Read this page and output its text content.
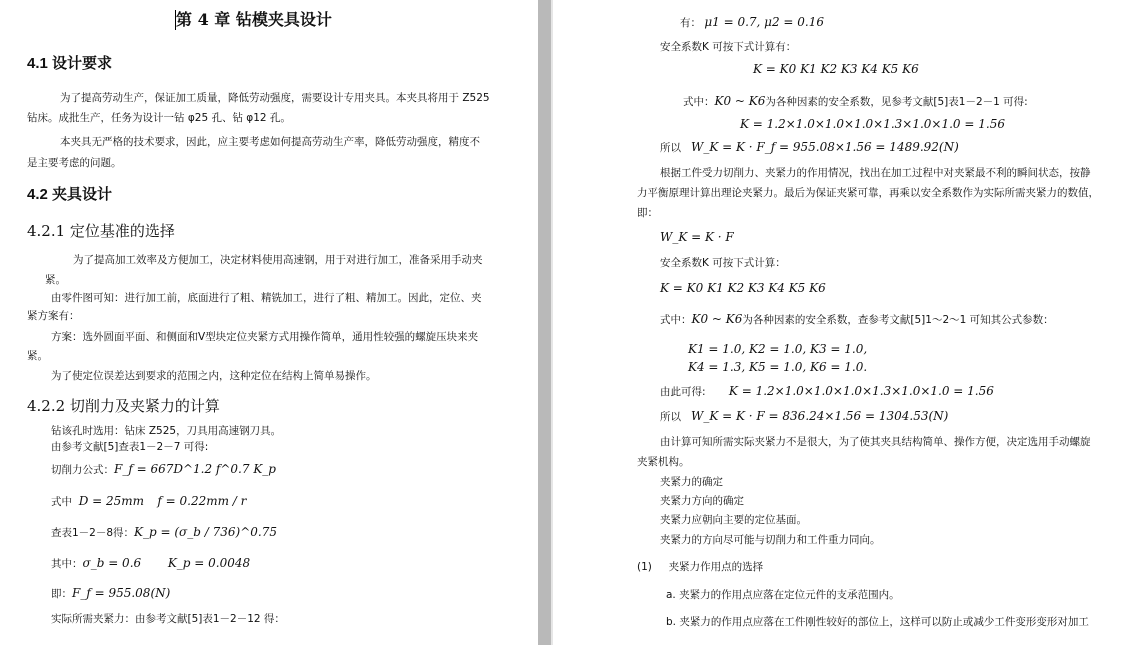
第 4 章 钻模夹具设计
4.1 设计要求
为了提高劳动生产，保证加工质量，降低劳动强度，需要设计专用夹具。本夹具将用于 Z525
钻床。成批生产，任务为设计一钻 φ25 孔、钻 φ12 孔。
本夹具无严格的技术要求，因此，应主要考虑如何提高劳动生产率，降低劳动强度，精度不
是主要考虑的问题。
4.2 夹具设计
4.2.1 定位基准的选择
为了提高加工效率及方便加工，决定材料使用高速钢，用于对进行加工，准备采用手动夹
紧。
由零件图可知：进行加工前，底面进行了粗、精铣加工，进行了粗、精加工。因此，定位、夹
紧方案有：
方案：选外圆面平面、和侧面和V型块定位夹紧方式用操作简单，通用性较强的螺旋压块来夹
紧。
为了使定位误差达到要求的范围之内，这种定位在结构上简单易操作。
4.2.2 切削力及夹紧力的计算
钻该孔时选用：钻床 Z525，刀具用高速钢刀具。
由参考文献[5]查表1－2－7 可得:
切削力公式：F_f = 667D^1.2 f^0.7 K_p
式中 D = 25mm f = 0.22mm / r
查表1－2－8得：K_p = (σ_b / 736)^0.75
其中：σ_b = 0.6 K_p = 0.0048
即：F_f = 955.08(N)
实际所需夹紧力：由参考文献[5]表1－2－12 得：
有： μ1 = 0.7, μ2 = 0.16
安全系数K 可按下式计算有：
K = K0 K1 K2 K3 K4 K5 K6
式中：K0 ~ K6为各种因素的安全系数，见参考文献[5]表1－2－1 可得:
K = 1.2×1.0×1.0×1.0×1.3×1.0×1.0 = 1.56
所以 W_K = K · F_f = 955.08×1.56 = 1489.92(N)
根据工件受力切削力、夹紧力的作用情况，找出在加工过程中对夹紧最不利的瞬间状态，按静
力平衡原理计算出理论夹紧力。最后为保证夹紧可靠，再乘以安全系数作为实际所需夹紧力的数值，
即：
W_K = K · F
安全系数K 可按下式计算：
K = K0 K1 K2 K3 K4 K5 K6
式中：K0 ~ K6为各种因素的安全系数，查参考文献[5]1～2～1 可知其公式参数：
K1 = 1.0, K2 = 1.0, K3 = 1.0,
K4 = 1.3, K5 = 1.0, K6 = 1.0.
由此可得: K = 1.2×1.0×1.0×1.0×1.3×1.0×1.0 = 1.56
所以 W_K = K · F = 836.24×1.56 = 1304.53(N)
由计算可知所需实际夹紧力不是很大，为了使其夹具结构简单、操作方便，决定选用手动螺旋
夹紧机构。
夹紧力的确定
夹紧力方向的确定
夹紧力应朝向主要的定位基面。
夹紧力的方向尽可能与切削力和工件重力同向。
(1) 夹紧力作用点的选择
a. 夹紧力的作用点应落在定位元件的支承范围内。
b. 夹紧力的作用点应落在工件刚性较好的部位上，这样可以防止或减少工件变形变形对加工
